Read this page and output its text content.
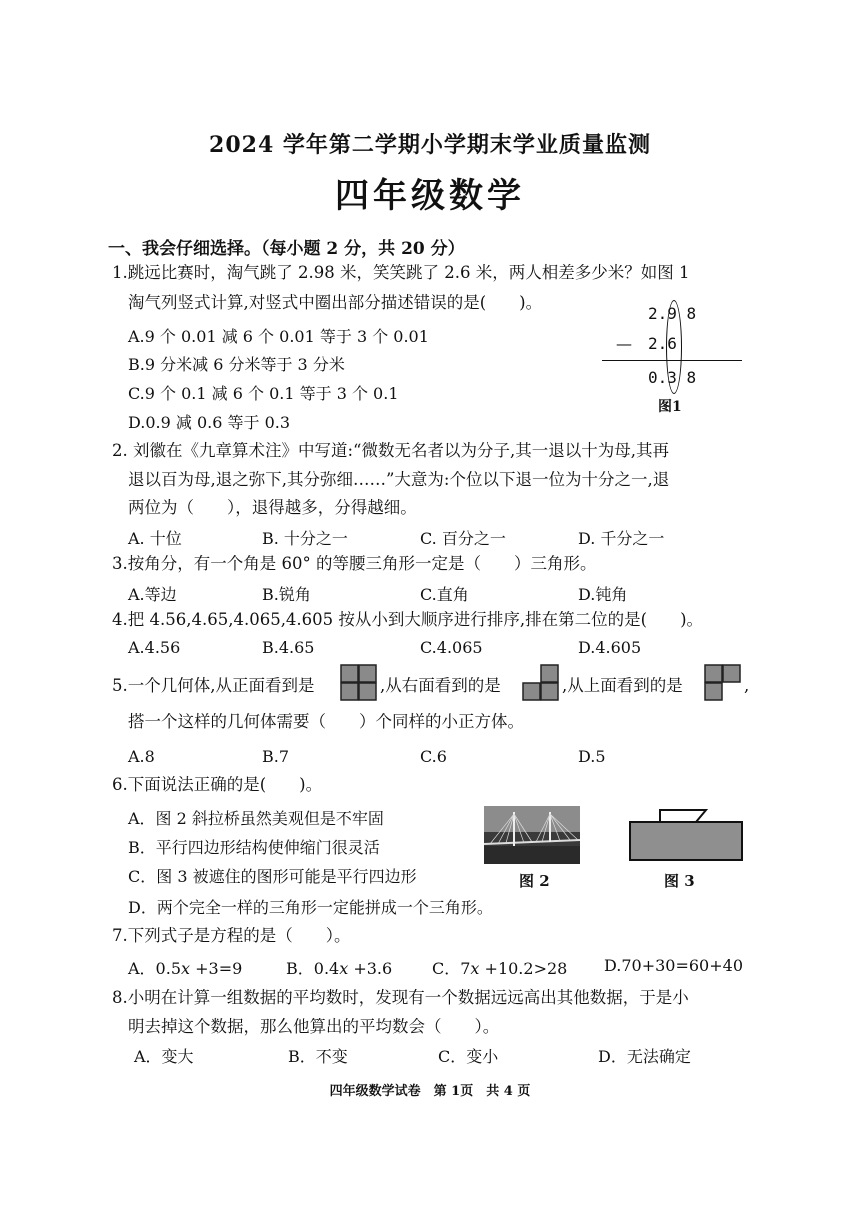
2024 学年第二学期小学期末学业质量监测
四年级数学
一、我会仔细选择。（每小题 2 分，共 20 分）
1.跳远比赛时，淘气跳了 2.98 米，笑笑跳了 2.6 米，两人相差多少米？如图 1
淘气列竖式计算,对竖式中圈出部分描述错误的是(　　)。
A.9 个 0.01 减 6 个 0.01 等于 3 个 0.01
B.9 分米减 6 分米等于 3 分米
C.9 个 0.1 减 6 个 0.1 等于 3 个 0.1
D.0.9 减 0.6 等于 0.3
2.9 8
— 2.6
0.3 8
图1
2. 刘徽在《九章算术注》中写道:“微数无名者以为分子,其一退以十为母,其再
退以百为母,退之弥下,其分弥细……”大意为:个位以下退一位为十分之一,退
两位为（　　），退得越多，分得越细。
A. 十位	B. 十分之一	C. 百分之一	D. 千分之一
3.按角分，有一个角是 60° 的等腰三角形一定是（　　）三角形。
A.等边	B.锐角	C.直角	D.钝角
4.把 4.56,4.65,4.065,4.605 按从小到大顺序进行排序,排在第二位的是(　　)。
A.4.56	B.4.65	C.4.065	D.4.605
5.一个几何体,从正面看到是	,从右面看到的是	,从上面看到的是	,
搭一个这样的几何体需要（　　）个同样的小正方体。
A.8	B.7	C.6	D.5
6.下面说法正确的是(　　)。
A．图 2 斜拉桥虽然美观但是不牢固
B．平行四边形结构使伸缩门很灵活
C．图 3 被遮住的图形可能是平行四边形
D．两个完全一样的三角形一定能拼成一个三角形。
图 2	图 3
7.下列式子是方程的是（　　）。
A．0.5𝑥 +3=9	B．0.4𝑥 +3.6 C．7𝑥 +10.2>28 D.70+30=60+40
8.小明在计算一组数据的平均数时，发现有一个数据远远高出其他数据，于是小
明去掉这个数据，那么他算出的平均数会（　　）。
A．变大	B．不变	C．变小	D．无法确定
四年级数学试卷　第 1页　共 4 页
